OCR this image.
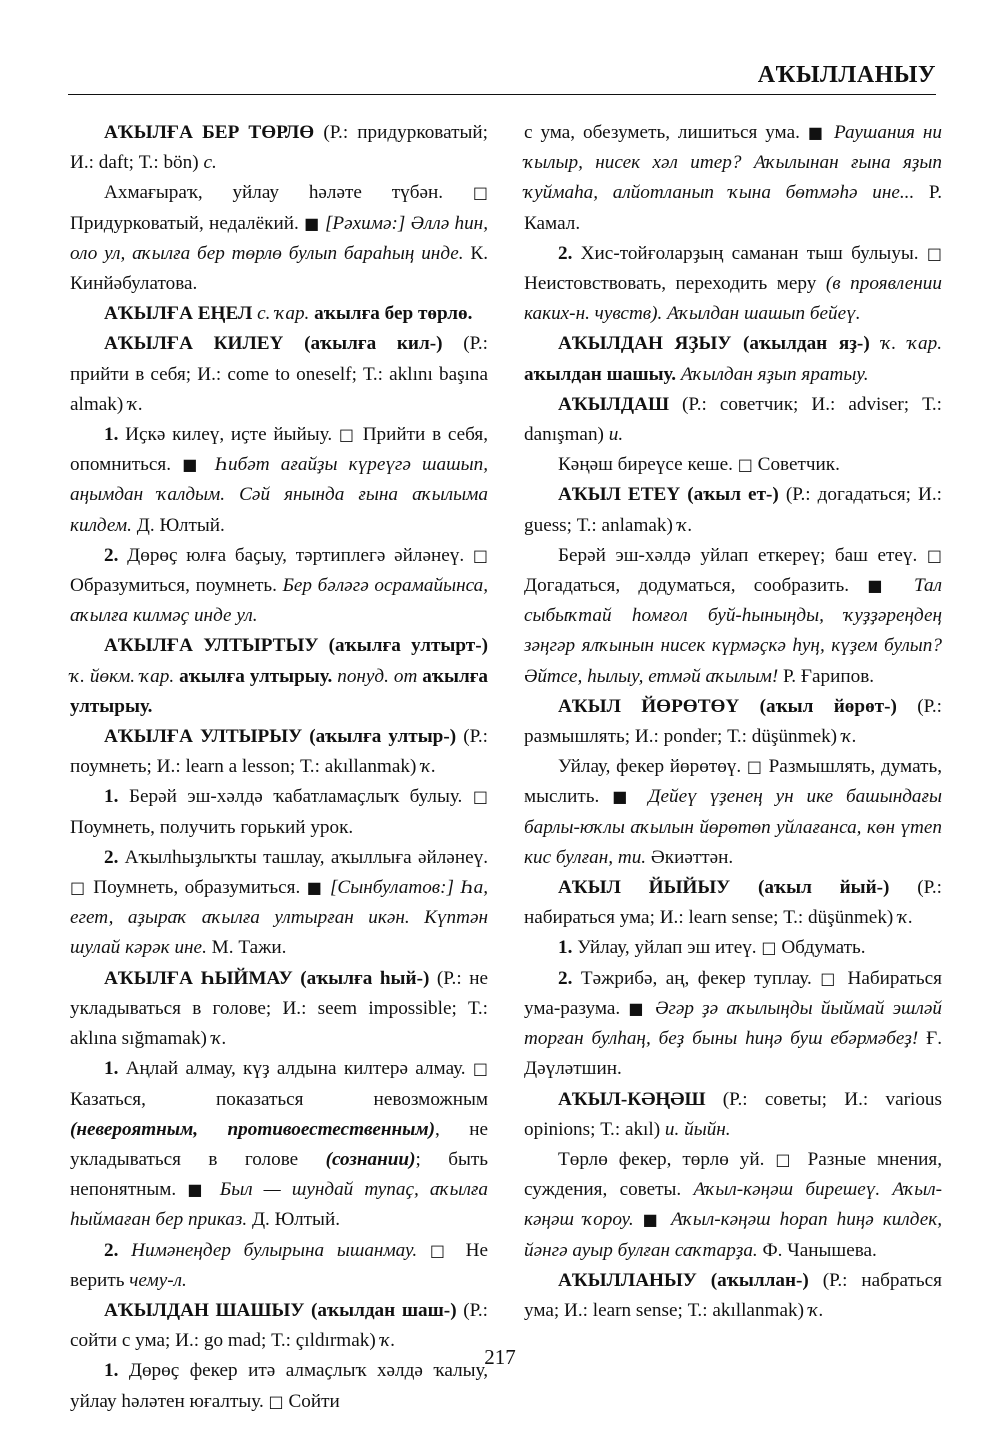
АҠЫЛЛАНЫУ

АҠЫЛҒА БЕР ТӨРЛӨ (Р.: придурковатый; И.: daft; Т.: bön) с.

Ахмағыраҡ, уйлау һәләте түбән. □ Придурковатый, недалёкий. ■ [Рәхимә:] Әллә һин, оло ул, аҡылға бер төрлө булып бараһың инде. К. Кинйәбулатова.

АҠЫЛҒА ЕҢЕЛ с. ҡар. аҡылға бер төрлө.

АҠЫЛҒА КИЛЕҮ (аҡылға кил-) (Р.: прийти в себя; И.: come to oneself; Т.: aklını başına almak) ҡ.

1. Иҫкә килеү, иҫте йыйыу. □ Прийти в себя, опомниться. ■ Һибәт ағайҙы күреүгә шашып, аңымдан ҡалдым. Сәй янында ғына аҡылыма килдем. Д. Юлтый.

2. Дөрөҫ юлға баҫыу, тәртиплегә әйләнеү. □ Образумиться, поумнеть. Бер бәләгә осрамайынса, аҡылға килмәҫ инде ул.

АҠЫЛҒА УЛТЫРТЫУ (аҡылға ултырт-) ҡ. йөкм. ҡар. аҡылға ултырыу. понуд. от аҡылға ултырыу.

АҠЫЛҒА УЛТЫРЫУ (аҡылға ултыр-) (Р.: поумнеть; И.: learn a lesson; Т.: akıllanmak) ҡ.

1. Берәй эш-хәлдә ҡабатламаҫлыҡ булыу. □ Поумнеть, получить горький урок.

2. Аҡылһыҙлыҡты ташлау, аҡыллыға әйләнеү. □ Поумнеть, образумиться. ■ [Сынбулатов:] Һа, егет, аҙыраҡ аҡылға ултырған икән. Күптән шулай кәрәк ине. М. Тажи.

АҠЫЛҒА ҺЫЙМАУ (аҡылға һый-) (Р.: не укладываться в голове; И.: seem impossible; Т.: aklına sığmamak) ҡ.

1. Аңлай алмау, күҙ алдына килтерә алмау. □ Казаться, показаться невозможным (невероятным, противоестественным), не укладываться в голове (сознании); быть непонятным. ■ Был — шундай тупаҫ, аҡылға һыймаған бер приказ. Д. Юлтый.

2. Нимәнеңдер булырына ышанмау. □ Не верить чему-л.

АҠЫЛДАН ШАШЫУ (аҡылдан шаш-) (Р.: сойти с ума; И.: go mad; Т.: çıldırmak) ҡ.

1. Дөрөҫ фекер итә алмаҫлыҡ хәлдә ҡалыу, уйлау һәләтен юғалтыу. □ Сойти

с ума, обезуметь, лишиться ума. ■ Раушания ни ҡылыр, нисек хәл итер? Аҡылынан ғына яҙып ҡуймаһа, алйотланып ҡына бөтмәһә ине... Р. Камал.

2. Хис-тойғоларҙың саманан тыш булыуы. □ Неистовствовать, переходить меру (в проявлении каких-н. чувств). Аҡылдан шашып бейеү.

АҠЫЛДАН ЯҘЫУ (аҡылдан яҙ-) ҡ. ҡар. аҡылдан шашыу. Аҡылдан яҙып яратыу.

АҠЫЛДАШ (Р.: советчик; И.: adviser; Т.: danışman) и.

Кәңәш биреүсе кеше. □ Советчик.

АҠЫЛ ЕТЕҮ (аҡыл ет-) (Р.: догадаться; И.: guess; Т.: anlamak) ҡ.

Берәй эш-хәлдә уйлап еткереү; баш етеү. □ Догадаться, додуматься, сообразить. ■ Тал сыбыҡтай һомғол буй-һыныңды, ҡуҙҙәреңдең зәңгәр ялҡынын нисек күрмәҫкә һуң, күҙем булып? Әйтсе, һылыу, етмәй аҡылым! Р. Ғарипов.

АҠЫЛ ЙӨРӨТӨҮ (аҡыл йөрөт-) (Р.: размышлять; И.: ponder; Т.: düşünmek) ҡ.

Уйлау, фекер йөрөтөү. □ Размышлять, думать, мыслить. ■ Дейеү үҙенең ун ике башындағы барлы-юҡлы аҡылын йөрөтөп уйлағанса, көн үтеп кис булған, ти. Әкиәттән.

АҠЫЛ ЙЫЙЫУ (аҡыл йый-) (Р.: набираться ума; И.: learn sense; Т.: düşünmek) ҡ.

1. Уйлау, уйлап эш итеү. □ Обдумать.

2. Тәжрибә, аң, фекер туплау. □ Набираться ума-разума. ■ Әгәр ҙә аҡылыңды йыймай эшләй торған булһаң, беҙ быны һиңә буш ебәрмәбеҙ! Ғ. Дәүләтшин.

АҠЫЛ-КӘҢӘШ (Р.: советы; И.: various opinions; Т.: akıl) и. йыйн.

Төрлө фекер, төрлө уй. □ Разные мнения, суждения, советы. Аҡыл-кәңәш бирешеү. Аҡыл-кәңәш ҡороу. ■ Аҡыл-кәңәш һорап һиңә килдек, йәнгә ауыр булған саҡтарҙа. Ф. Чанышева.

АҠЫЛЛАНЫУ (аҡыллан-) (Р.: набраться ума; И.: learn sense; Т.: akıllanmak) ҡ.

217
